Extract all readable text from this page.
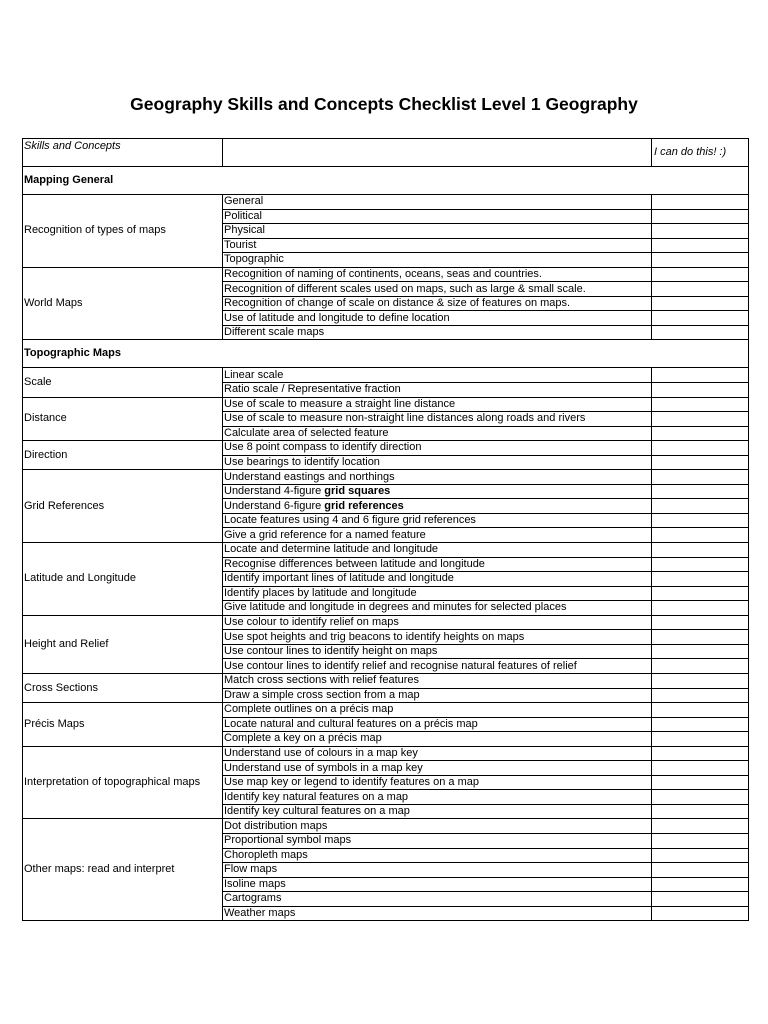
Geography Skills and Concepts Checklist Level 1 Geography
Skills and Concepts	I can do this! :)
Mapping General
Recognition of types of maps
General
Political
Physical
Tourist
Topographic
World Maps
Recognition of naming of continents, oceans, seas and countries.
Recognition of different scales used on maps, such as large & small scale.
Recognition of change of scale on distance & size of features on maps.
Use of latitude and longitude to define location
Different scale maps
Topographic Maps
Scale
Linear scale
Ratio scale / Representative fraction
Distance
Use of scale to measure a straight line distance
Use of scale to measure non-straight line distances along roads and rivers
Calculate area of selected feature
Direction
Use 8 point compass to identify direction
Use bearings to identify location
Grid References
Understand eastings and northings
Understand 4-figure grid squares
Understand 6-figure grid references
Locate features using 4 and 6 figure grid references
Give a grid reference for a named feature
Latitude and Longitude
Locate and determine latitude and longitude
Recognise differences between latitude and longitude
Identify important lines of latitude and longitude
Identify places by latitude and longitude
Give latitude and longitude in degrees and minutes for selected places
Height and Relief
Use colour to identify relief on maps
Use spot heights and trig beacons to identify heights on maps
Use contour lines to identify height on maps
Use contour lines to identify relief and recognise natural features of relief
Cross Sections
Match cross sections with relief features
Draw a simple cross section from a map
Précis Maps
Complete outlines on a précis map
Locate natural and cultural features on a précis map
Complete a key on a précis map
Interpretation of topographical maps
Understand use of colours in a map key
Understand use of symbols in a map key
Use map key or legend to identify features on a map
Identify key natural features on a map
Identify key cultural features on a map
Other maps: read and interpret
Dot distribution maps
Proportional symbol maps
Choropleth maps
Flow maps
Isoline maps
Cartograms
Weather maps
